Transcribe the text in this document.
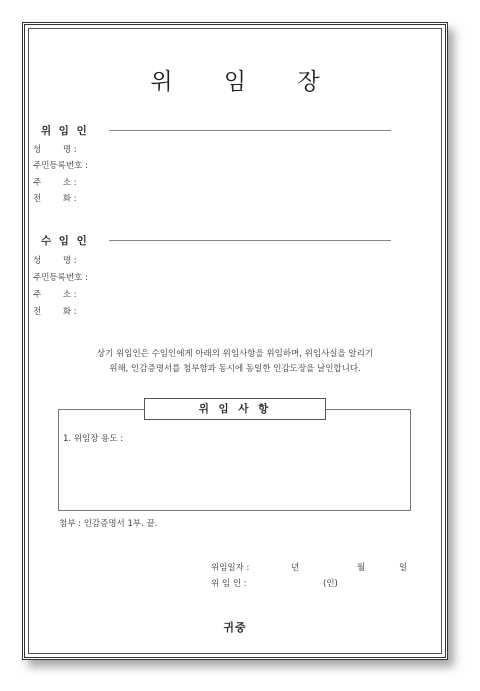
위 임 장
위 임 인
성        명 :
주민등록번호 :
주        소 :
전        화 :
수 임 인
성        명 :
주민등록번호 :
주        소 :
전        화 :
상기 위임인은 수임인에게 아래의 위임사항을 위임하며, 위임사실을 알리기
위해, 인감증명서를 첨부함과 동시에 동일한 인감도장을 날인합니다.
위 임 사 항
1. 위임장 용도 :
첨부 : 인감증명서 1부. 끝.
위임일자 :	년	월	일
위 임 인 :	(인)
귀중
